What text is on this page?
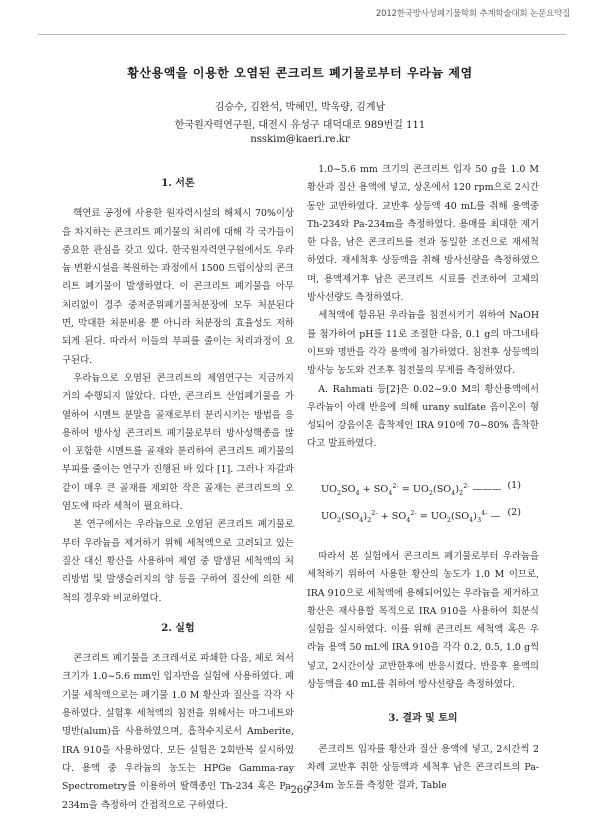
2012한국방사성폐기물학회 추계학술대회 논문요약집
황산용액을 이용한 오염된 콘크리트 폐기물로부터 우라늄 제염
김승수, 김완석, 박혜민, 박욱량, 김계남
한국원자력연구원, 대전시 유성구 대덕대로 989번길 111
nsskim@kaeri.re.kr
1. 서론

핵연료 공정에 사용한 원자력시설의 해체시 70%이상을 차지하는 콘크리트 폐기물의 처리에 대해 각 국가들이 중요한 관심을 갖고 있다. 한국원자력연구원에서도 우라늄 변환시설을 복원하는 과정에서 1500 드럼이상의 콘크리트 폐기물이 발생하였다. 이 콘크리트 폐기물을 아무 처리없이 경주 중저준위폐기물처분장에 모두 처분된다면, 막대한 처분비용 뿐 아니라 처분장의 효율성도 저하되게 된다. 따라서 이들의 부피를 줄이는 처리과정이 요구된다.

우라늄으로 오염된 콘크리트의 제염연구는 지금까지 거의 수행되지 않았다. 다만, 콘크리트 산업폐기물을 가열하여 시멘트 분말을 골재로부터 분리시키는 방법을 응용하여 방사성 콘크리트 폐기물로부터 방사성핵종을 많이 포함한 시멘트를 골재와 분리하여 콘크리트 폐기물의 부피를 줄이는 연구가 진행된 바 있다 [1]. 그러나 자갈과 같이 매우 큰 골재를 제외한 작은 골재는 콘크리트의 오염도에 따라 세척이 필요하다.

본 연구에서는 우라늄으로 오염된 콘크리트 폐기물로부터 우라늄을 제거하기 위해 세척액으로 고려되고 있는 질산 대신 황산을 사용하여 제염 중 발생된 세척액의 처리방법 및 발생슬러지의 양 등을 구하여 질산에 의한 세척의 경우와 비교하였다.

2. 실험

콘크리트 폐기물을 조크레셔로 파쇄한 다음, 체로 쳐서 크기가 1.0~5.6 mm인 입자만을 실험에 사용하였다. 폐기물 세척액으로는 폐기물 1.0 M 황산과 질산을 각각 사용하였다. 실험후 세척액의 침전을 위해서는 마그네트와 명반(alum)을 사용하였으며, 흡착수지로서 Amberite, IRA 910을 사용하였다. 모든 실험은 2회반복 실시하였다. 용액 중 우라늄의 농도는 HPGe Gamma-ray Spectrometry를 이용하여 딸핵종인 Th-234 혹은 Pa-234m을 측정하여 간접적으로 구하였다.

1.0~5.6 mm 크기의 콘크리트 입자 50 g을 1.0 M 황산과 질산 용액에 넣고, 상온에서 120 rpm으로 2시간동안 교반하였다. 교반후 상등액 40 mL를 취해 용액중 Th-234와 Pa-234m을 측정하였다. 용매를 최대한 제거한 다음, 남은 콘크리트를 전과 동일한 조건으로 재세척하였다. 재세척후 상등액을 취해 방사선량을 측정하였으며, 용액제거후 남은 콘크리트 시료를 건조하여 고체의 방사선량도 측정하였다.

세척액에 함유된 우라늄을 침전시키기 위하여 NaOH를 첨가하여 pH를 11로 조절한 다음, 0.1 g의 마그네타이트와 명반을 각각 용액에 첨가하였다. 침전후 상등액의 방사능 농도와 건조후 침전물의 무게를 측정하였다.

A. Rahmati 등[2]은 0.02~9.0 M의 황산용액에서 우라늄이 아래 반응에 의해 urany sulfate 음이온이 형성되어 강음이온 흡착제인 IRA 910에 70~80% 흡착한다고 발표하였다.

$UO_2SO_4 + SO_4^{2-} = UO_2(SO_4)_2^{2-}$ ——— (1)
$UO_2(SO_4)_2^{2-} + SO_4^{2-} = UO_2(SO_4)_3^{4-}$ — (2)

따라서 본 실험에서 콘크리트 폐기물로부터 우라늄을 세척하기 위하여 사용한 황산의 농도가 1.0 M 이므로, IRA 910으로 세척액에 용해되어있는 우라늄을 제거하고 황산은 재사용할 목적으로 IRA 910을 사용하여 회분식실험을 실시하였다. 이를 위해 콘크리트 세척액 혹은 우라늄 용액 50 mL에 IRA 910을 각각 0.2, 0.5, 1.0 g씩 넣고, 2시간이상 교반한후에 반응시켰다. 반응후 용액의 상등액을 40 mL를 취하여 방사선량을 측정하였다.

3. 결과 및 토의

콘크리트 입자를 황산과 질산 용액에 넣고, 2시간씩 2차례 교반후 취한 상등액과 세척후 남은 콘크리트의 Pa-234m 농도를 측정한 결과, Table

- 269 -
